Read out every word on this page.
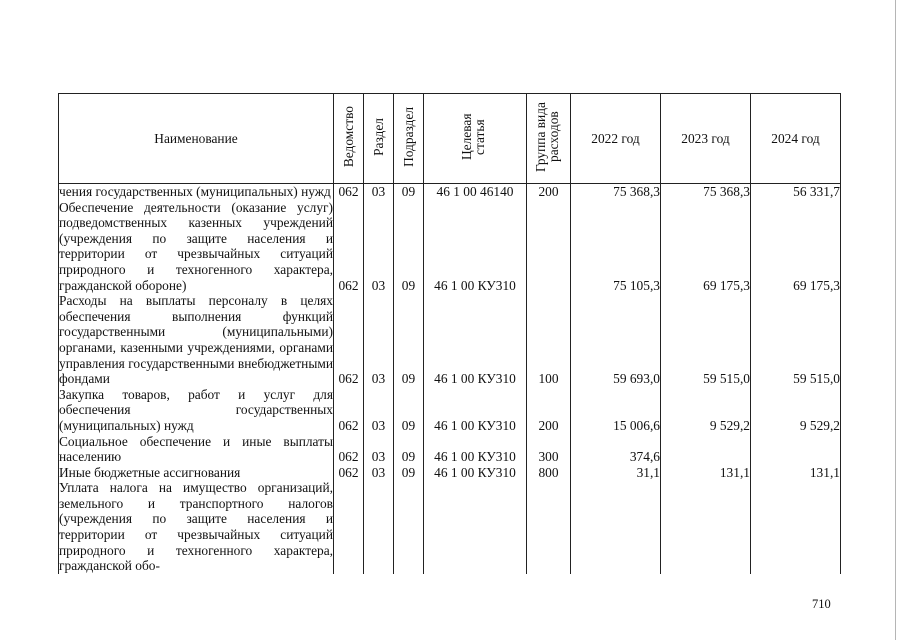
Наименование	Ведомство	Раздел	Подраздел	Целевая статья	Группа вида расходов	2022 год	2023 год	2024 год
чения государственных (муниципальных) нужд	062	03	09	46 1 00 46140	200	75 368,3	75 368,3	56 331,7
Обеспечение деятельности (оказание услуг) подведомственных казенных учреждений (учреждения по защите населения и территории от чрезвычайных ситуаций природного и техногенного характера, гражданской обороне)	062	03	09	46 1 00 КУ310		75 105,3	69 175,3	69 175,3
Расходы на выплаты персоналу в целях обеспечения выполнения функций государственными (муниципальными) органами, казенными учреждениями, органами управления государственными внебюджетными фондами	062	03	09	46 1 00 КУ310	100	59 693,0	59 515,0	59 515,0
Закупка товаров, работ и услуг для обеспечения государственных (муниципальных) нужд	062	03	09	46 1 00 КУ310	200	15 006,6	9 529,2	9 529,2
Социальное обеспечение и иные выплаты населению	062	03	09	46 1 00 КУ310	300	374,6		
Иные бюджетные ассигнования	062	03	09	46 1 00 КУ310	800	31,1	131,1	131,1
Уплата налога на имущество организаций, земельного и транспортного налогов (учреждения по защите населения и территории от чрезвычайных ситуаций природного и техногенного характера, гражданской обо-								
710
